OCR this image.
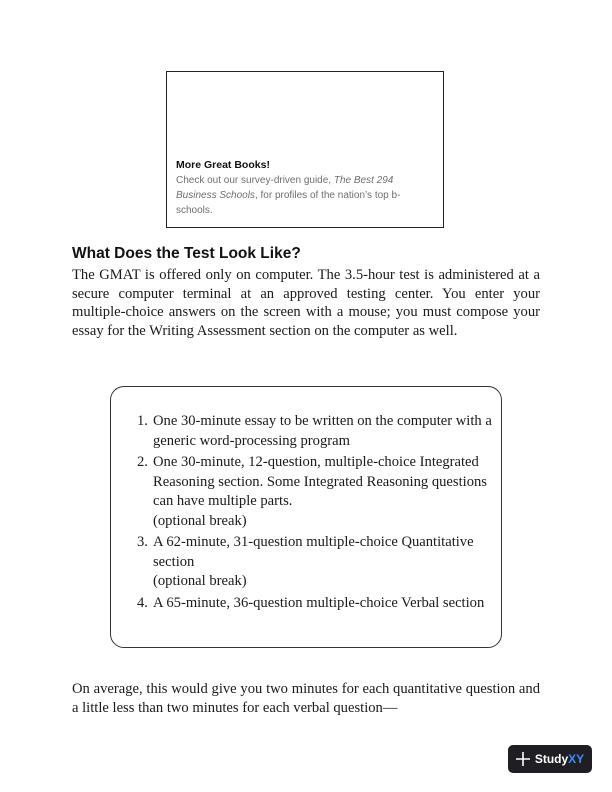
More Great Books!

Check out our survey-driven guide, The Best 294 Business Schools, for profiles of the nation’s top b-schools.

What Does the Test Look Like?

The GMAT is offered only on computer. The 3.5-hour test is administered at a secure computer terminal at an approved testing center. You enter your multiple-choice answers on the screen with a mouse; you must compose your essay for the Writing Assessment section on the computer as well.

1. One 30-minute essay to be written on the computer with a generic word-processing program
2. One 30-minute, 12-question, multiple-choice Integrated Reasoning section. Some Integrated Reasoning questions can have multiple parts.
(optional break)
3. A 62-minute, 31-question multiple-choice Quantitative section
(optional break)
4. A 65-minute, 36-question multiple-choice Verbal section

On average, this would give you two minutes for each quantitative question and a little less than two minutes for each verbal question—

Study XY
